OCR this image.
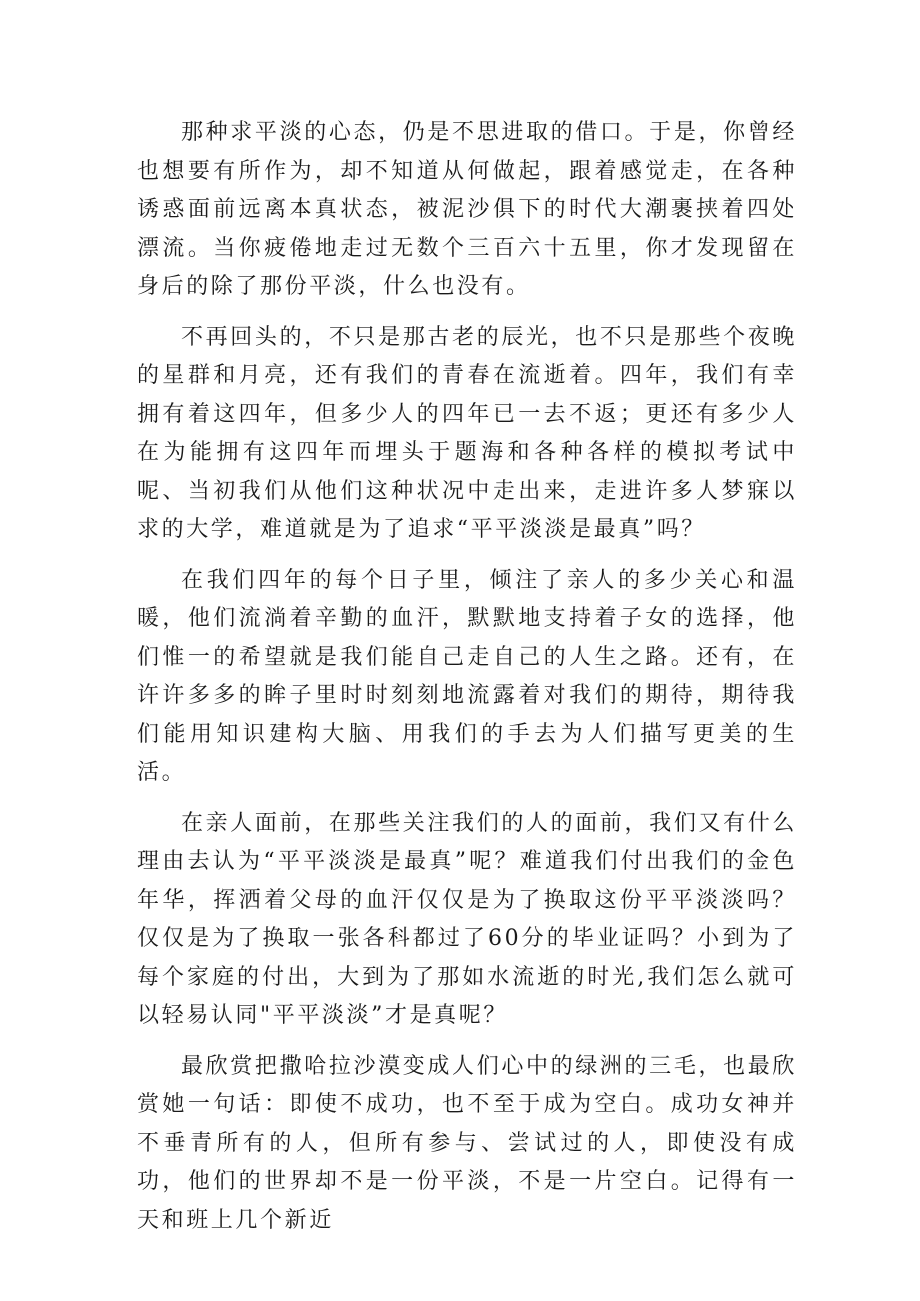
那种求平淡的心态，仍是不思进取的借口。于是，你曾经也想要有所作为，却不知道从何做起，跟着感觉走，在各种诱惑面前远离本真状态，被泥沙俱下的时代大潮裹挟着四处漂流。当你疲倦地走过无数个三百六十五里，你才发现留在身后的除了那份平淡，什么也没有。

不再回头的，不只是那古老的辰光，也不只是那些个夜晚的星群和月亮，还有我们的青春在流逝着。四年，我们有幸拥有着这四年，但多少人的四年已一去不返；更还有多少人在为能拥有这四年而埋头于题海和各种各样的模拟考试中呢、当初我们从他们这种状况中走出来，走进许多人梦寐以求的大学，难道就是为了追求“平平淡淡是最真”吗？

在我们四年的每个日子里，倾注了亲人的多少关心和温暖，他们流淌着辛勤的血汗，默默地支持着子女的选择，他们惟一的希望就是我们能自己走自己的人生之路。还有，在许许多多的眸子里时时刻刻地流露着对我们的期待，期待我们能用知识建构大脑、用我们的手去为人们描写更美的生活。

在亲人面前，在那些关注我们的人的面前，我们又有什么理由去认为“平平淡淡是最真”呢？难道我们付出我们的金色年华，挥洒着父母的血汗仅仅是为了换取这份平平淡淡吗？仅仅是为了换取一张各科都过了60分的毕业证吗？小到为了每个家庭的付出，大到为了那如水流逝的时光,我们怎么就可以轻易认同"平平淡淡”才是真呢？

最欣赏把撒哈拉沙漠变成人们心中的绿洲的三毛，也最欣赏她一句话：即使不成功，也不至于成为空白。成功女神并不垂青所有的人，但所有参与、尝试过的人，即使没有成功，他们的世界却不是一份平淡，不是一片空白。记得有一天和班上几个新近
